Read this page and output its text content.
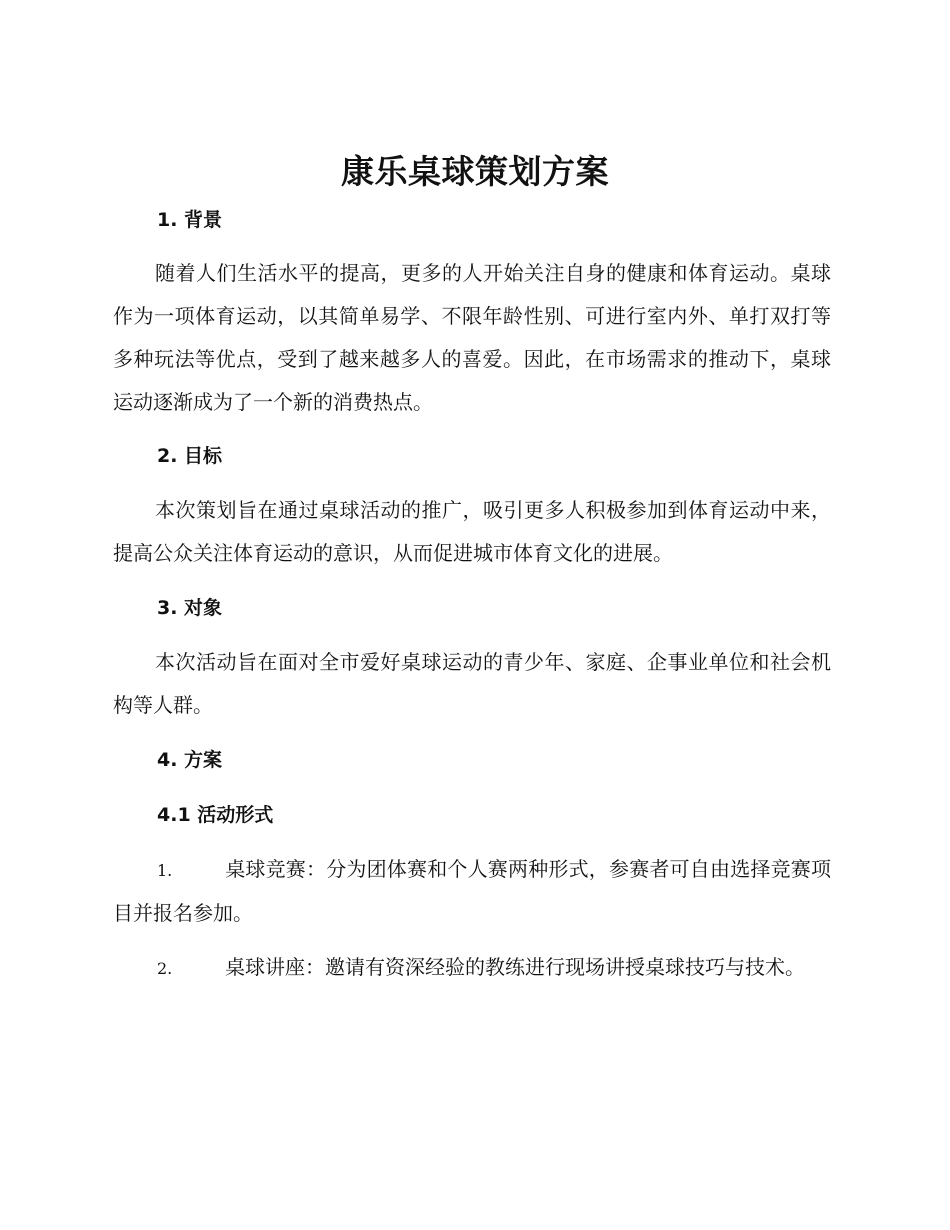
康乐桌球策划方案
1. 背景

随着人们生活水平的提高，更多的人开始关注自身的健康和体育运动。桌球作为一项体育运动，以其简单易学、不限年龄性别、可进行室内外、单打双打等多种玩法等优点，受到了越来越多人的喜爱。因此，在市场需求的推动下，桌球运动逐渐成为了一个新的消费热点。

2. 目标

本次策划旨在通过桌球活动的推广，吸引更多人积极参加到体育运动中来，提高公众关注体育运动的意识，从而促进城市体育文化的进展。

3. 对象

本次活动旨在面对全市爱好桌球运动的青少年、家庭、企事业单位和社会机构等人群。

4. 方案
4.1 活动形式

1.	桌球竞赛：分为团体赛和个人赛两种形式，参赛者可自由选择竞赛项目并报名参加。

2.	桌球讲座：邀请有资深经验的教练进行现场讲授桌球技巧与技术。
